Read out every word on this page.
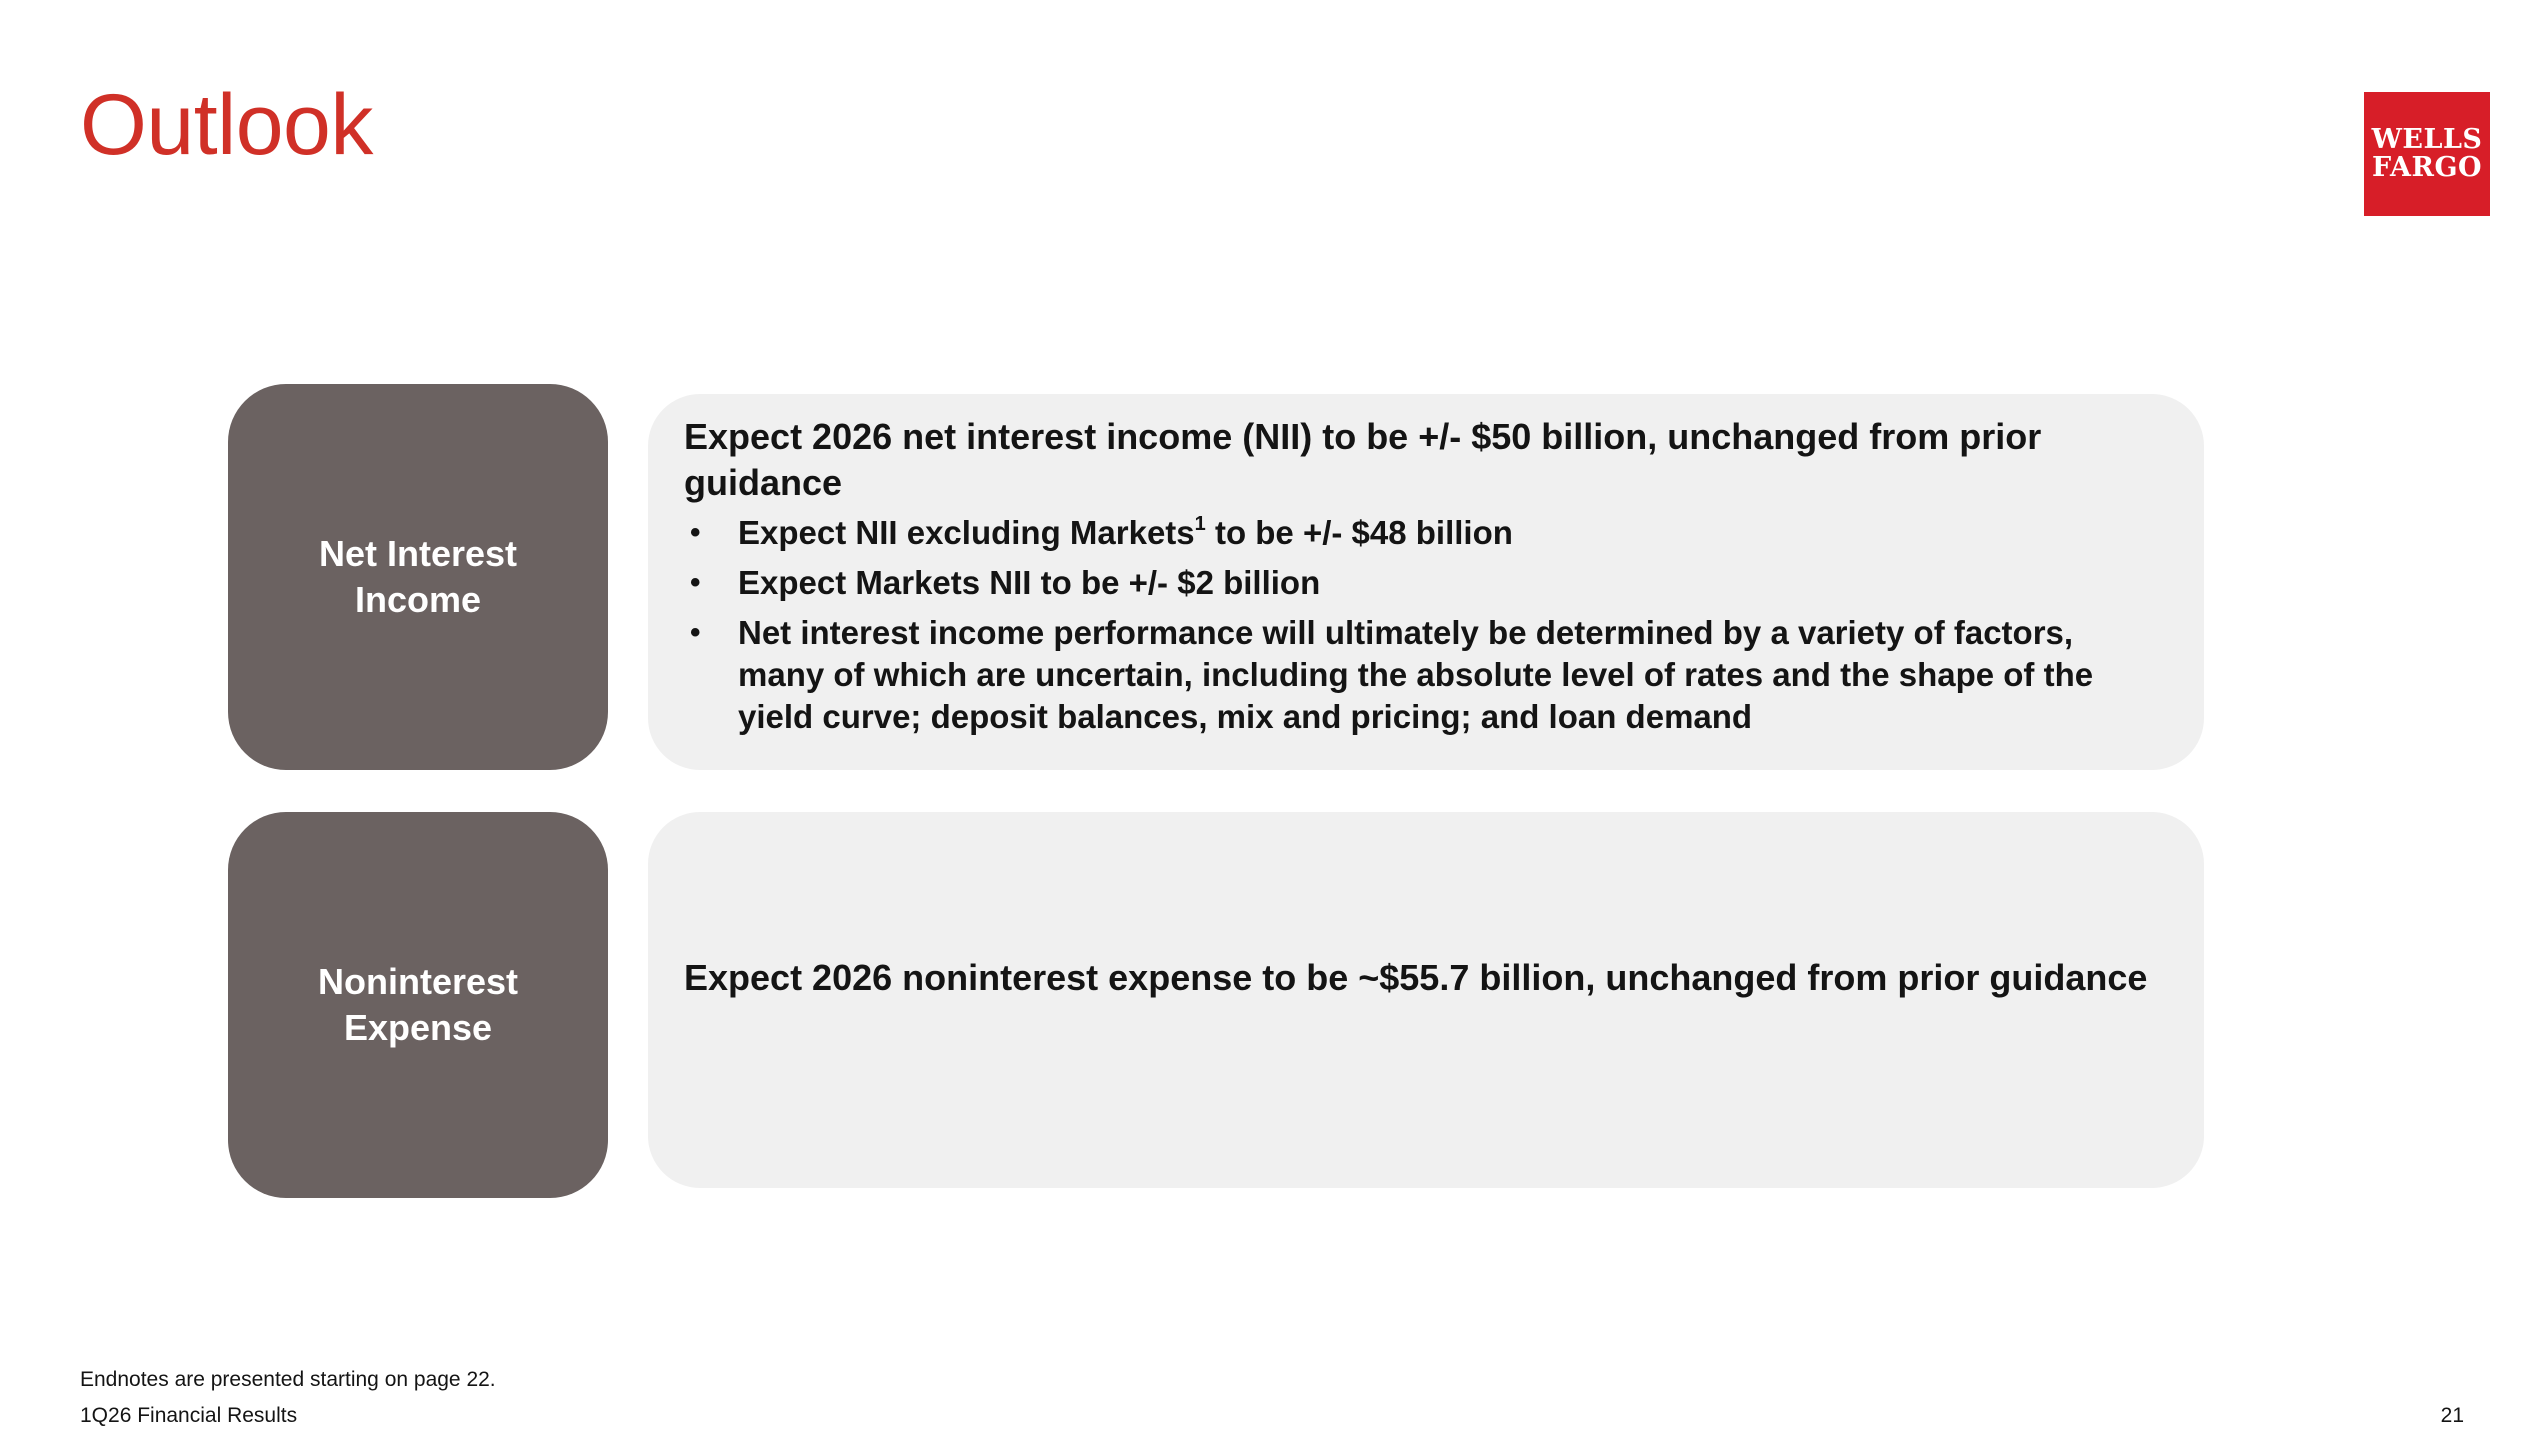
Outlook	WELLS
FARGO
Net Interest
Income

Expect 2026 net interest income (NII) to be +/- $50 billion, unchanged from prior guidance

• Expect NII excluding Markets$^1$ to be +/- $48 billion
• Expect Markets NII to be +/- $2 billion
• Net interest income performance will ultimately be determined by a variety of factors, many of which are uncertain, including the absolute level of rates and the shape of the yield curve; deposit balances, mix and pricing; and loan demand
Noninterest
Expense

Expect 2026 noninterest expense to be ~$55.7 billion, unchanged from prior guidance

Endnotes are presented starting on page 22.
1Q26 Financial Results	21
